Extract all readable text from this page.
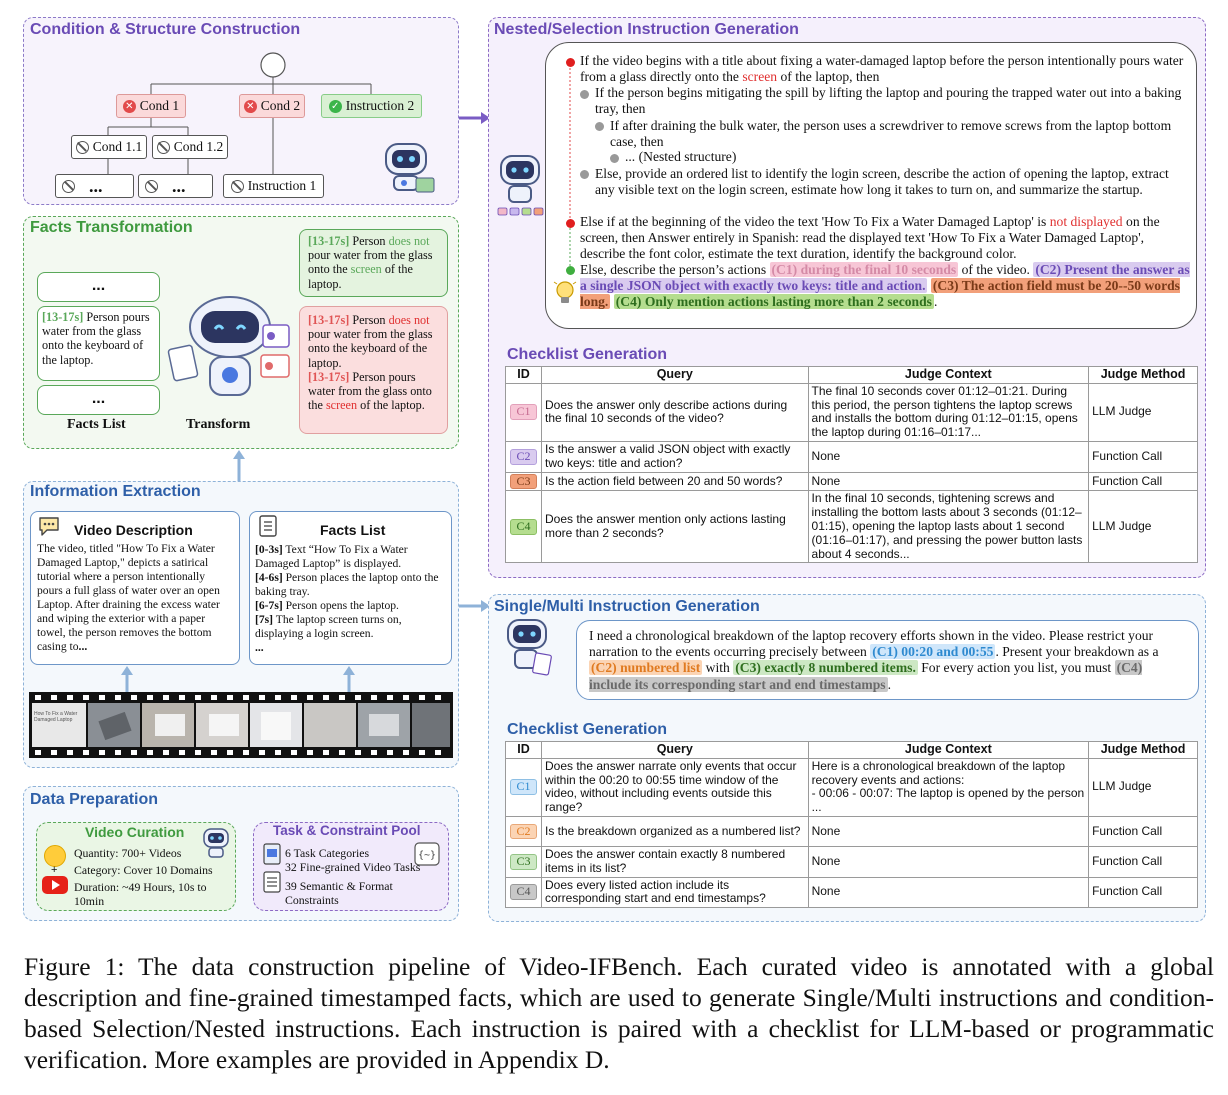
Condition & Structure Construction
✕ Cond 1	✕ Cond 2	✓ Instruction 2
Cond 1.1 Cond 1.2
...	...	Instruction 1
Facts Transformation
...
[13-17s] Person pours water from the glass onto the keyboard of the laptop.
...
Facts List	Transform
[13-17s] Person does not pour water from the glass onto the screen of the laptop.
[13-17s] Person does not pour water from the glass onto the keyboard of the laptop.
[13-17s] Person pours water from the glass onto the screen of the laptop.
Information Extraction
The video, titled "How To Fix a Water Damaged Laptop," depicts a satirical tutorial where a person intentionally pours a full glass of water over an open Laptop. After draining the excess water and wiping the exterior with a paper towel, the person removes the bottom casing to...
Video Description
[0-3s] Text “How To Fix a Water Damaged Laptop” is displayed.
[4-6s] Person places the laptop onto the baking tray.
[6-7s] Person opens the laptop.
[7s] The laptop screen turns on, displaying a login screen.
...
Facts List
How To Fix a Water Damaged Laptop
Data Preparation
Video Curation
+
Quantity: 700+ Videos
Category: Cover 10 Domains
Duration: ~49 Hours, 10s to 10min
Task & Constraint Pool
{~}
6 Task Categories
32 Fine-grained Video Tasks
39 Semantic & Format Constraints
Nested/Selection Instruction Generation
If the video begins with a title about fixing a water-damaged laptop before the person intentionally pours water from a glass directly onto the screen of the laptop, then
If the person begins mitigating the spill by lifting the laptop and pouring the trapped water out into a baking tray, then
If after draining the bulk water, the person uses a screwdriver to remove screws from the laptop bottom case, then
... (Nested structure)
Else, provide an ordered list to identify the login screen, describe the action of opening the laptop, extract any visible text on the login screen, estimate how long it takes to turn on, and summarize the startup.
Else if at the beginning of the video the text 'How To Fix a Water Damaged Laptop' is not displayed on the screen, then Answer entirely in Spanish: read the displayed text 'How To Fix a Water Damaged Laptop', describe the font color, estimate the text duration, identify the background color.
Else, describe the person’s actions (C1) during the final 10 seconds of the video. (C2) Present the answer as a single JSON object with exactly two keys: title and action. (C3) The action field must be 20--50 words long. (C4) Only mention actions lasting more than 2 seconds .
Checklist Generation
ID	Query	Judge Context	Judge Method
C1	Does the answer only describe actions during the final 10 seconds of the video?	The final 10 seconds cover 01:12–01:21. During this period, the person tightens the laptop screws and installs the bottom during 01:12–01:15, opens the laptop during 01:16–01:17...	LLM Judge
C2	Is the answer a valid JSON object with exactly two keys: title and action?	None	Function Call
C3	Is the action field between 20 and 50 words?	None	Function Call
C4	Does the answer mention only actions lasting more than 2 seconds?	In the final 10 seconds, tightening screws and installing the bottom lasts about 3 seconds (01:12–01:15), opening the laptop lasts about 1 second (01:16–01:17), and pressing the power button lasts about 4 seconds...	LLM Judge
Single/Multi Instruction Generation
I need a chronological breakdown of the laptop recovery efforts shown in the video. Please restrict your narration to the events occurring precisely between (C1) 00:20 and 00:55 . Present your breakdown as a (C2) numbered list with (C3) exactly 8 numbered items. For every action you list, you must (C4) include its corresponding start and end timestamps .
Checklist Generation
ID	Query	Judge Context	Judge Method
C1	Does the answer narrate only events that occur within the 00:20 to 00:55 time window of the video, without including events outside this range?	Here is a chronological breakdown of the laptop recovery events and actions:
- 00:06 - 00:07: The laptop is opened by the person ...	LLM Judge
C2	Is the breakdown organized as a numbered list?	None	Function Call
C3	Does the answer contain exactly 8 numbered items in its list?	None	Function Call
C4	Does every listed action include its corresponding start and end timestamps?	None	Function Call
Figure 1: The data construction pipeline of Video-IFBench. Each curated video is annotated with a global description and fine-grained timestamped facts, which are used to generate Single/Multi instructions and condition-based Selection/Nested instructions. Each instruction is paired with a checklist for LLM-based or programmatic verification. More examples are provided in Appendix D.
